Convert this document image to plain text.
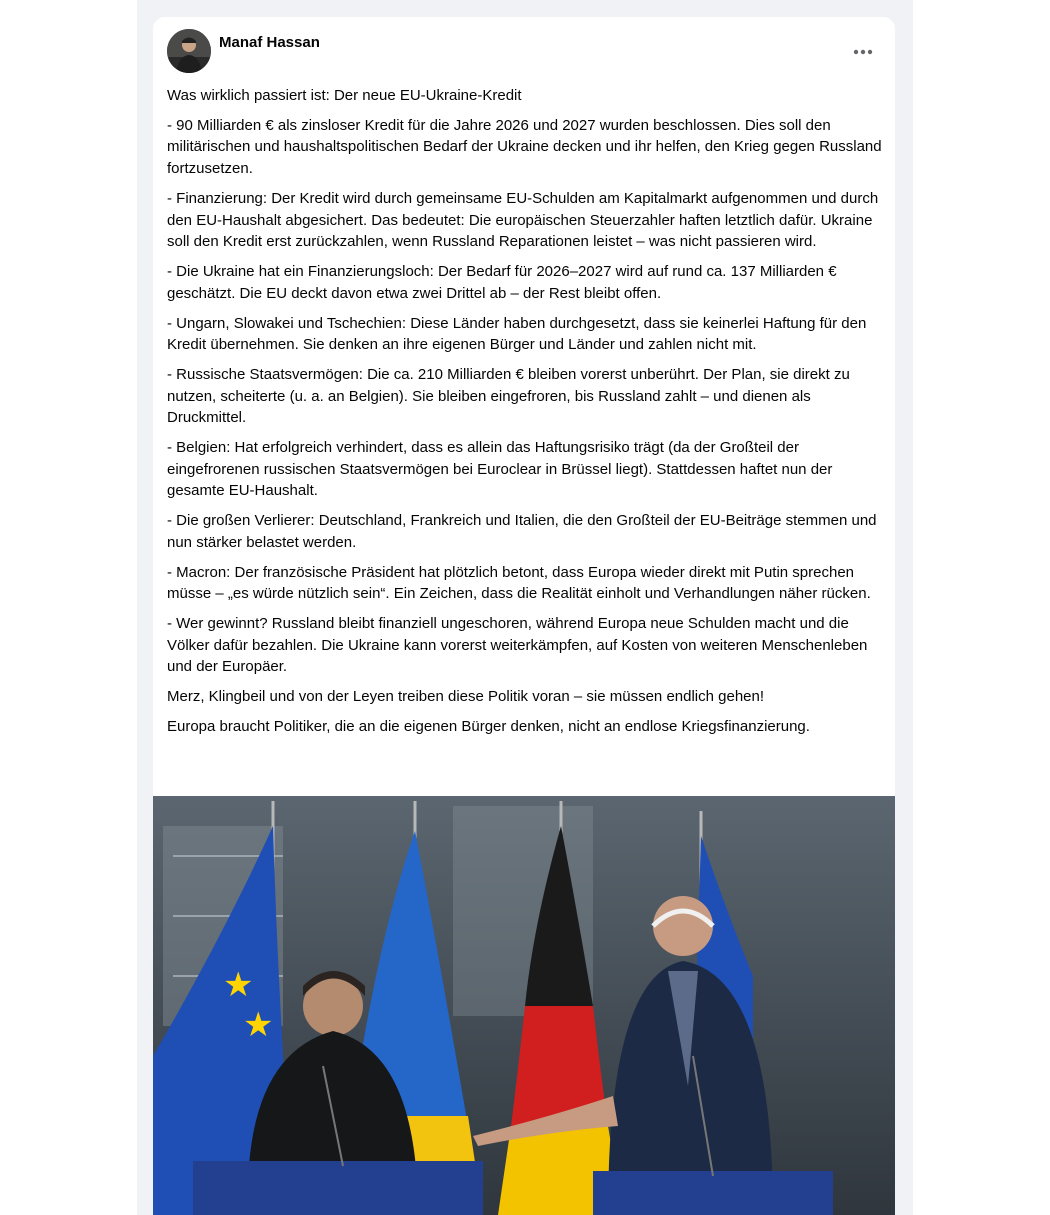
Manaf Hassan

Was wirklich passiert ist: Der neue EU-Ukraine-Kredit

- 90 Milliarden € als zinsloser Kredit für die Jahre 2026 und 2027 wurden beschlossen. Dies soll den militärischen und haushaltspolitischen Bedarf der Ukraine decken und ihr helfen, den Krieg gegen Russland fortzusetzen.

- Finanzierung: Der Kredit wird durch gemeinsame EU-Schulden am Kapitalmarkt aufgenommen und durch den EU-Haushalt abgesichert. Das bedeutet: Die europäischen Steuerzahler haften letztlich dafür. Ukraine soll den Kredit erst zurückzahlen, wenn Russland Reparationen leistet – was nicht passieren wird.

- Die Ukraine hat ein Finanzierungsloch: Der Bedarf für 2026–2027 wird auf rund ca. 137 Milliarden € geschätzt. Die EU deckt davon etwa zwei Drittel ab – der Rest bleibt offen.

- Ungarn, Slowakei und Tschechien: Diese Länder haben durchgesetzt, dass sie keinerlei Haftung für den Kredit übernehmen. Sie denken an ihre eigenen Bürger und Länder und zahlen nicht mit.

- Russische Staatsvermögen: Die ca. 210 Milliarden € bleiben vorerst unberührt. Der Plan, sie direkt zu nutzen, scheiterte (u. a. an Belgien). Sie bleiben eingefroren, bis Russland zahlt – und dienen als Druckmittel.

- Belgien: Hat erfolgreich verhindert, dass es allein das Haftungsrisiko trägt (da der Großteil der eingefrorenen russischen Staatsvermögen bei Euroclear in Brüssel liegt). Stattdessen haftet nun der gesamte EU-Haushalt.

- Die großen Verlierer: Deutschland, Frankreich und Italien, die den Großteil der EU-Beiträge stemmen und nun stärker belastet werden.

- Macron: Der französische Präsident hat plötzlich betont, dass Europa wieder direkt mit Putin sprechen müsse – „es würde nützlich sein“. Ein Zeichen, dass die Realität einholt und Verhandlungen näher rücken.

- Wer gewinnt? Russland bleibt finanziell ungeschoren, während Europa neue Schulden macht und die Völker dafür bezahlen. Die Ukraine kann vorerst weiterkämpfen, auf Kosten von weiteren Menschenleben und der Europäer.

Merz, Klingbeil und von der Leyen treiben diese Politik voran – sie müssen endlich gehen!

Europa braucht Politiker, die an die eigenen Bürger denken, nicht an endlose Kriegsfinanzierung.

★
★
